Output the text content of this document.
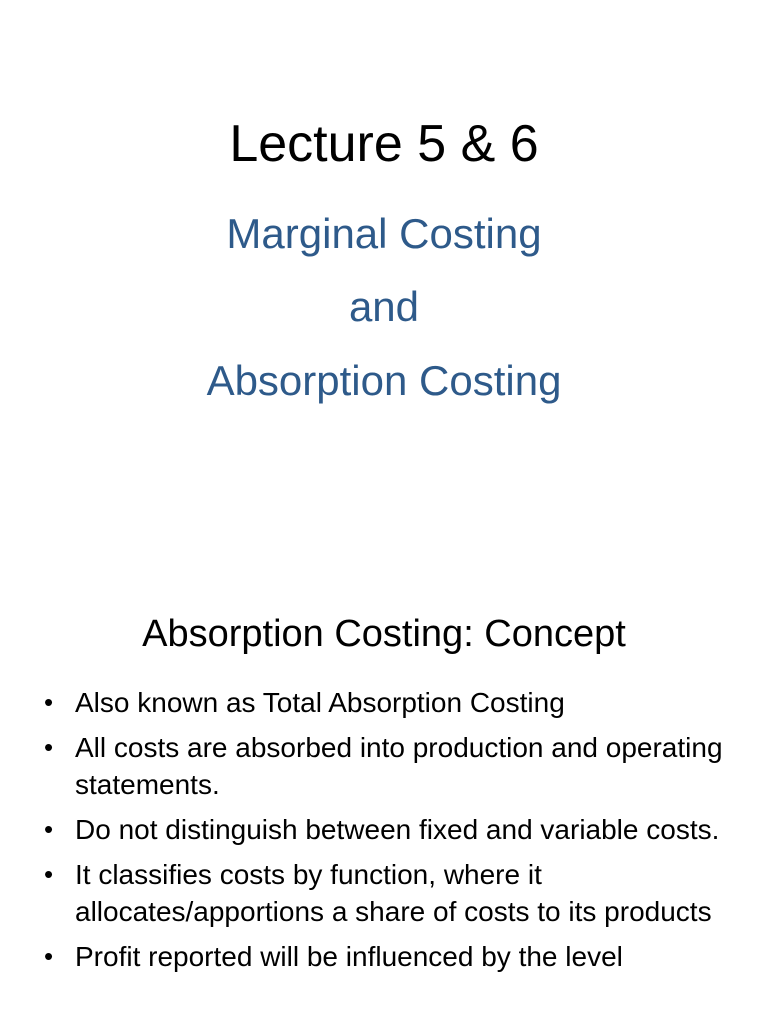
Lecture 5 & 6
Marginal Costing
and
Absorption Costing
Absorption Costing: Concept
• Also known as Total Absorption Costing
• All costs are absorbed into production and operating statements.
• Do not distinguish between fixed and variable costs.
• It classifies costs by function, where it allocates/apportions a share of costs to its products
• Profit reported will be influenced by the level
